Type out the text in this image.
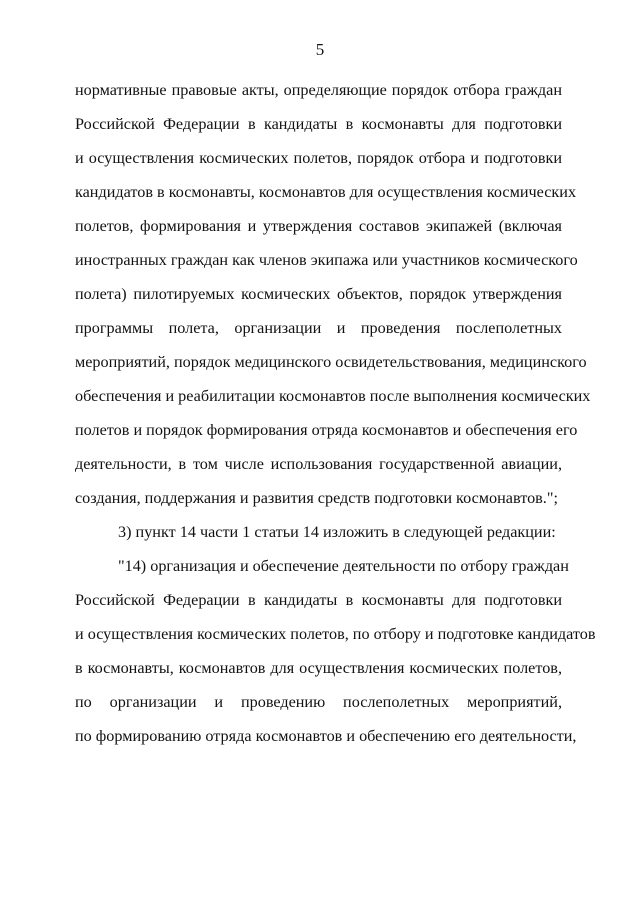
5
нормативные правовые акты, определяющие порядок отбора граждан
Российской Федерации в кандидаты в космонавты для подготовки
и осуществления космических полетов, порядок отбора и подготовки
кандидатов в космонавты, космонавтов для осуществления космических
полетов, формирования и утверждения составов экипажей (включая
иностранных граждан как членов экипажа или участников космического
полета) пилотируемых космических объектов, порядок утверждения
программы полета, организации и проведения послеполетных
мероприятий, порядок медицинского освидетельствования, медицинского
обеспечения и реабилитации космонавтов после выполнения космических
полетов и порядок формирования отряда космонавтов и обеспечения его
деятельности, в том числе использования государственной авиации,
создания, поддержания и развития средств подготовки космонавтов.";
3) пункт 14 части 1 статьи 14 изложить в следующей редакции:
"14) организация и обеспечение деятельности по отбору граждан
Российской Федерации в кандидаты в космонавты для подготовки
и осуществления космических полетов, по отбору и подготовке кандидатов
в космонавты, космонавтов для осуществления космических полетов,
по организации и проведению послеполетных мероприятий,
по формированию отряда космонавтов и обеспечению его деятельности,
